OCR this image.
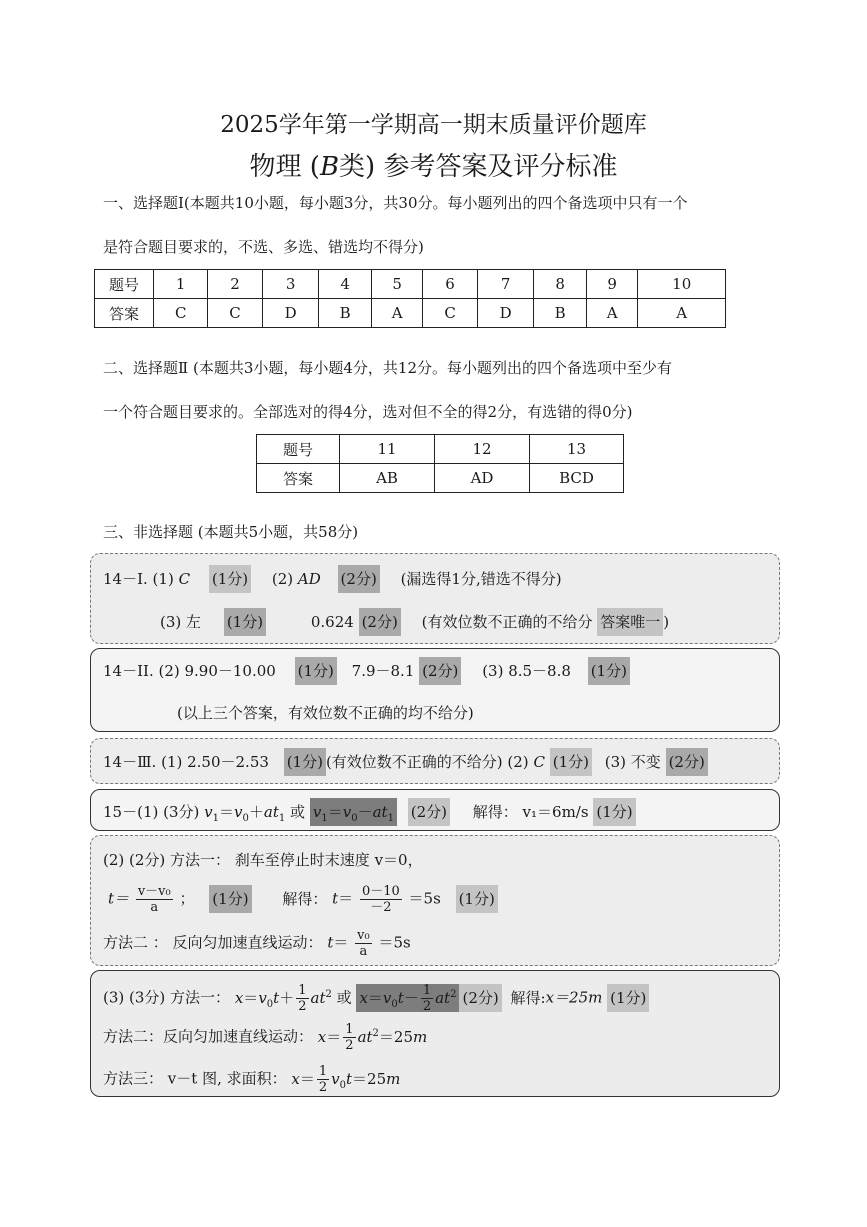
2025学年第一学期高一期末质量评价题库
物理 (B类) 参考答案及评分标准
一、选择题I(本题共10小题，每小题3分，共30分。每小题列出的四个备选项中只有一个
是符合题目要求的，不选、多选、错选均不得分)
题号	1	2	3	4	5	6	7	8	9	10
答案	C	C	D	B	A	C	D	B	A	A
二、选择题Ⅱ (本题共3小题，每小题4分，共12分。每小题列出的四个备选项中至少有
一个符合题目要求的。全部选对的得4分，选对但不全的得2分，有选错的得0分)
题号	11	12	13
答案	AB	AD	BCD
三、非选择题 (本题共5小题，共58分)
14－I. (1) C (1分) (2) AD (2分) (漏选得1分,错选不得分)
(3) 左 (1分)	0.624 (2分) (有效位数不正确的不给分 答案唯一 )
14－II. (2) 9.90－10.00 (1分) 7.9－8.1 (2分) (3) 8.5－8.8 (1分)
(以上三个答案，有效位数不正确的均不给分)
14－Ⅲ. (1) 2.50－2.53 (1分) (有效位数不正确的不给分) (2) C (1分) (3) 不变 (2分)
15－(1) (3分) $v_1=v_0+at_1$ 或 $v_1=v_0-at_1$ (2分) 解得： v₁＝6m/s (1分)
(2) (2分) 方法一： 刹车至停止时末速度 v＝0，
$t= \frac{\text{v－v₀}}{a}$ ； (1分) 解得： $t= \frac{0-10}{-2} =5s$ (1分)
方法二 ： 反向匀加速直线运动： $t= \frac{\text{v₀}}{a} =5s$
(3) (3分) 方法一： $x=v_0t+ \frac{1}{2} at^2$ 或 $x=v_0t- \frac{1}{2} at^2$ (2分) 解得:x＝25m (1分)
方法二：反向匀加速直线运动： $x= \frac{1}{2} at^2=25m$
方法三： v－t 图, 求面积： $x= \frac{1}{2} v_0t=25m$
